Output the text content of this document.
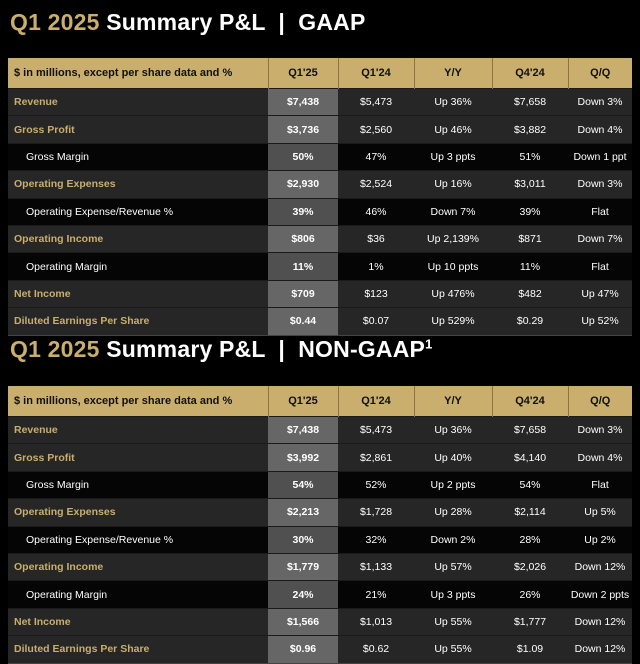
Q1 2025 Summary P&L  |  GAAP
$ in millions, except per share data and %	Q1'25	Q1'24	Y/Y	Q4'24	Q/Q
Revenue	$7,438	$5,473	Up 36%	$7,658	Down 3%
Gross Profit	$3,736	$2,560	Up 46%	$3,882	Down 4%
Gross Margin	50%	47%	Up 3 ppts	51%	Down 1 ppt
Operating Expenses	$2,930	$2,524	Up 16%	$3,011	Down 3%
Operating Expense/Revenue %	39%	46%	Down 7%	39%	Flat
Operating Income	$806	$36	Up 2,139%	$871	Down 7%
Operating Margin	11%	1%	Up 10 ppts	11%	Flat
Net Income	$709	$123	Up 476%	$482	Up 47%
Diluted Earnings Per Share	$0.44	$0.07	Up 529%	$0.29	Up 52%
Q1 2025 Summary P&L  |  NON-GAAP$^1$
$ in millions, except per share data and %	Q1'25	Q1'24	Y/Y	Q4'24	Q/Q
Revenue	$7,438	$5,473	Up 36%	$7,658	Down 3%
Gross Profit	$3,992	$2,861	Up 40%	$4,140	Down 4%
Gross Margin	54%	52%	Up 2 ppts	54%	Flat
Operating Expenses	$2,213	$1,728	Up 28%	$2,114	Up 5%
Operating Expense/Revenue %	30%	32%	Down 2%	28%	Up 2%
Operating Income	$1,779	$1,133	Up 57%	$2,026	Down 12%
Operating Margin	24%	21%	Up 3 ppts	26%	Down 2 ppts
Net Income	$1,566	$1,013	Up 55%	$1,777	Down 12%
Diluted Earnings Per Share	$0.96	$0.62	Up 55%	$1.09	Down 12%
